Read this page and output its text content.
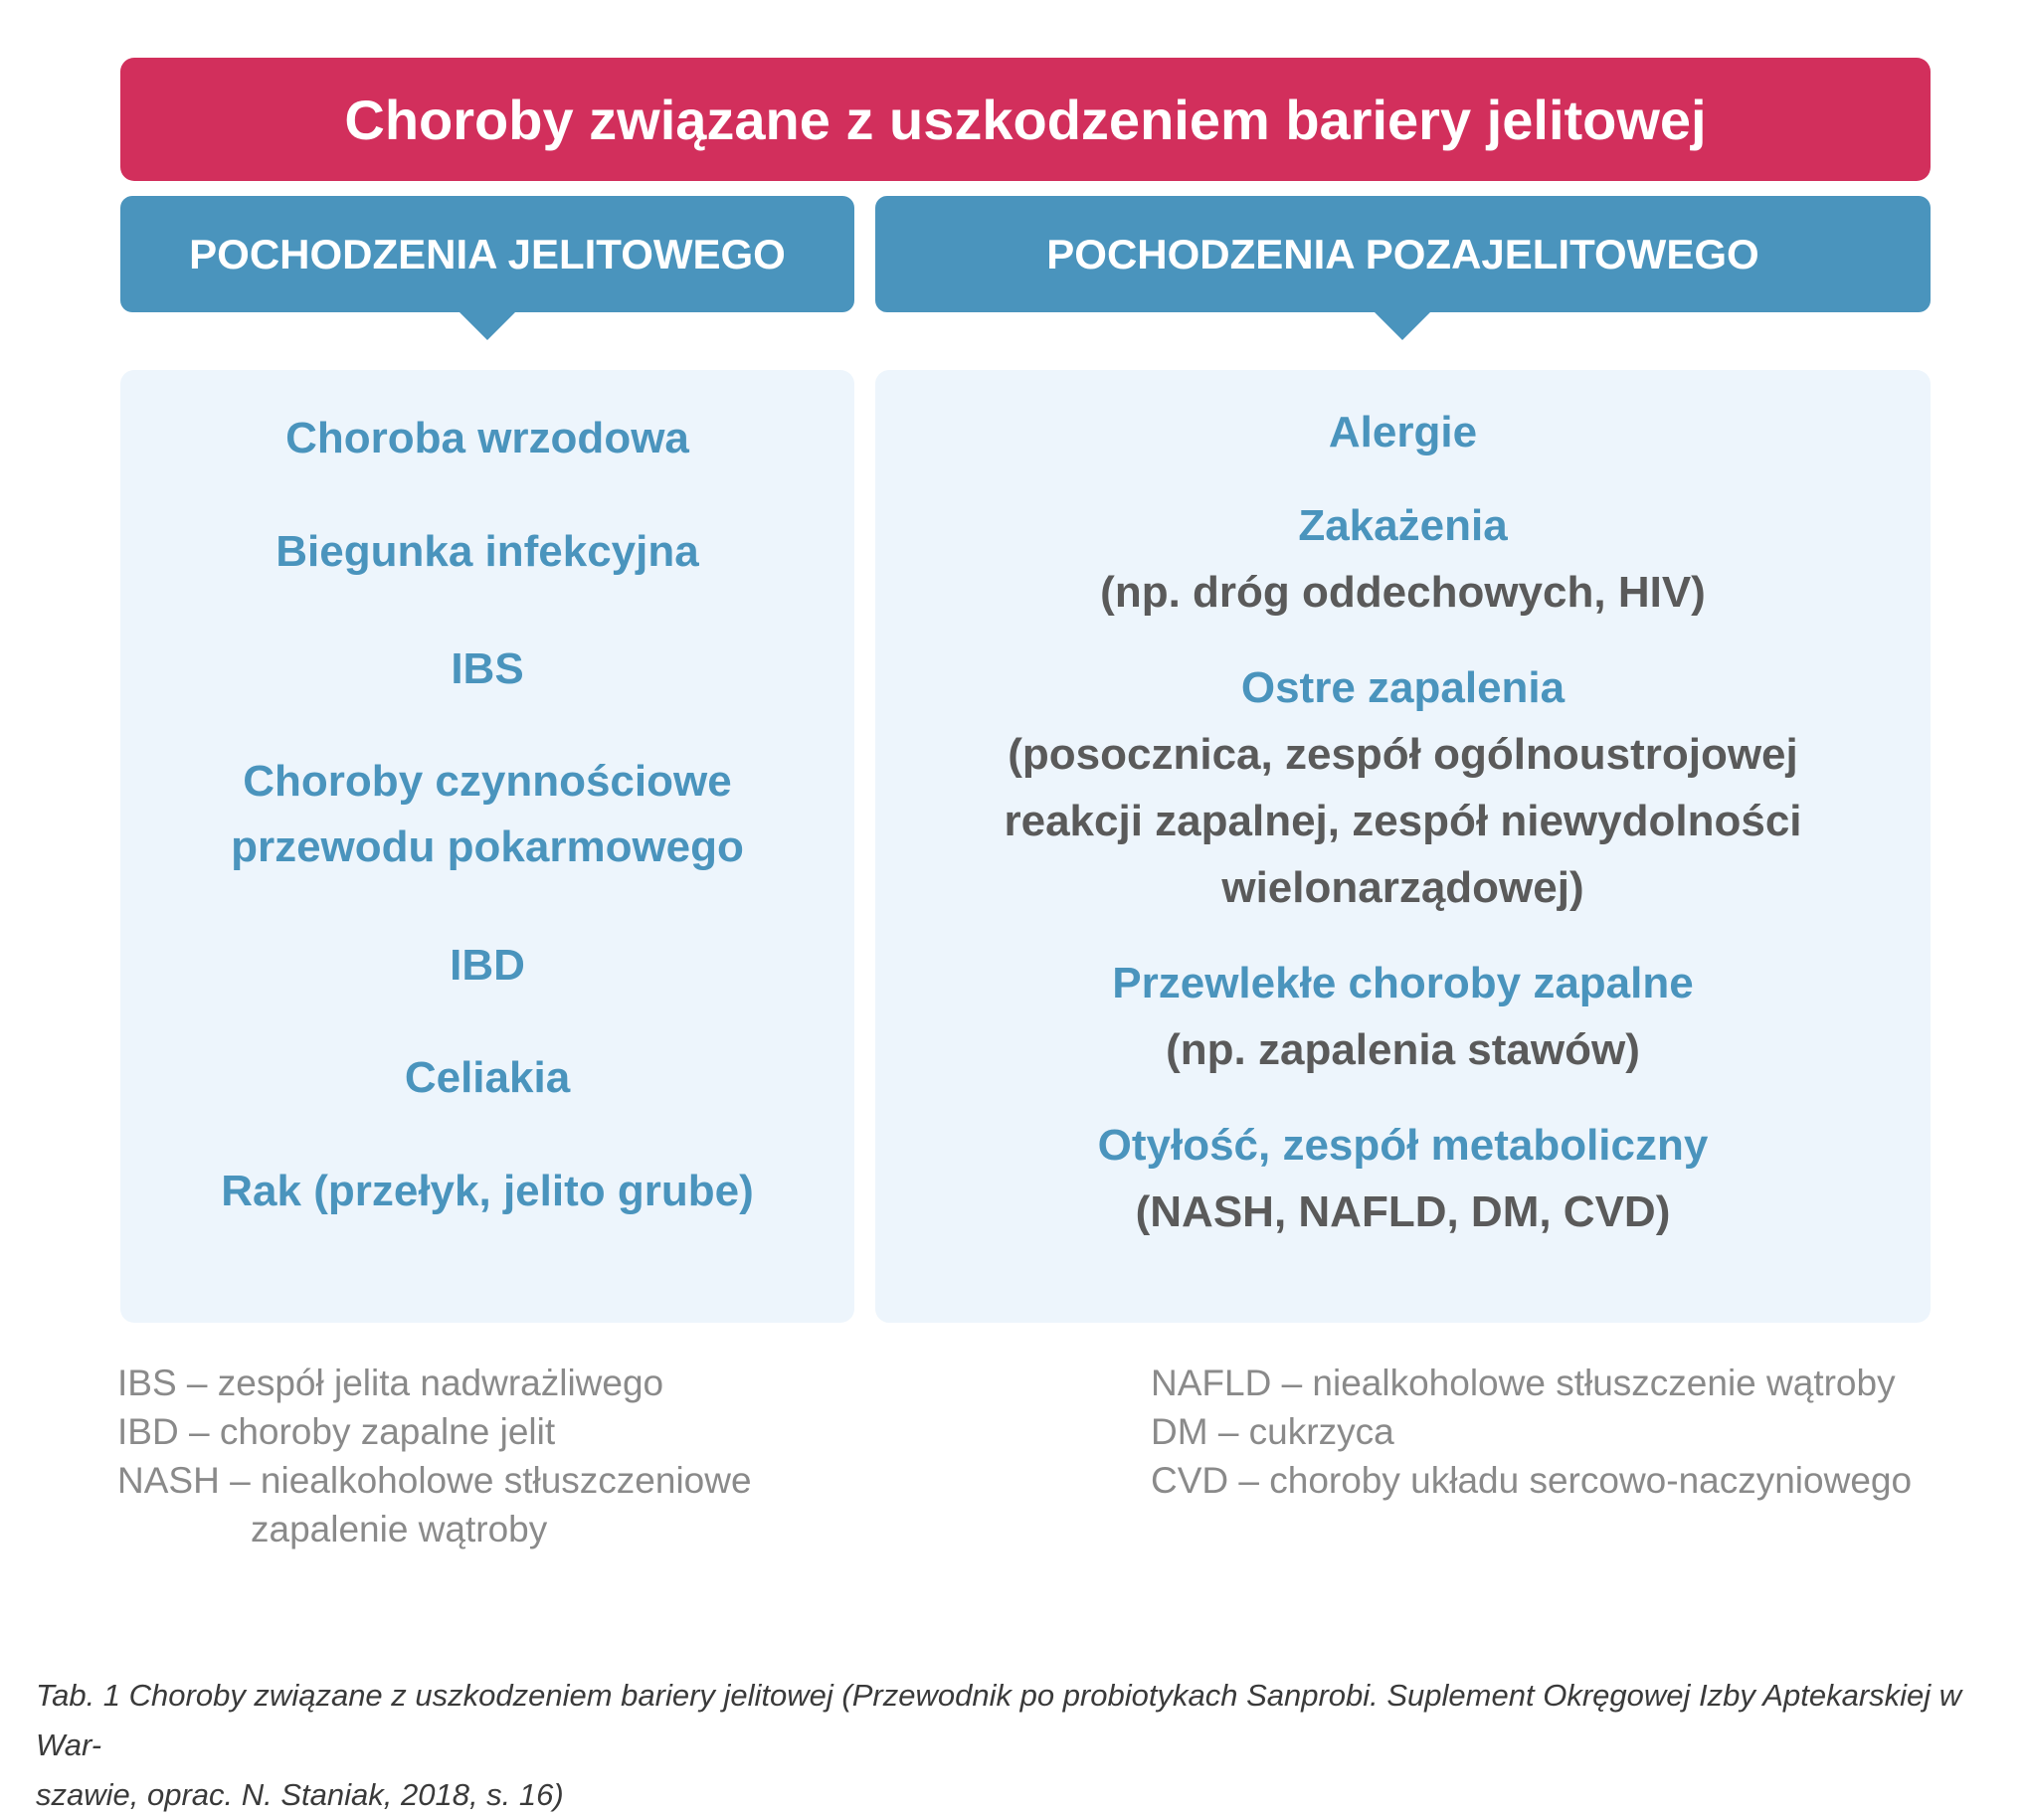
Choroby związane z uszkodzeniem bariery jelitowej
POCHODZENIA JELITOWEGO	POCHODZENIA POZAJELITOWEGO
Choroba wrzodowa
Biegunka infekcyjna
IBS
Choroby czynnościowe
przewodu pokarmowego
IBD
Celiakia
Rak (przełyk, jelito grube)
Alergie
Zakażenia
(np. dróg oddechowych, HIV)
Ostre zapalenia
(posocznica, zespół ogólnoustrojowej
reakcji zapalnej, zespół niewydolności
wielonarządowej)
Przewlekłe choroby zapalne
(np. zapalenia stawów)
Otyłość, zespół metaboliczny
(NASH, NAFLD, DM, CVD)
IBS – zespół jelita nadwrażliwego
IBD – choroby zapalne jelit
NASH – niealkoholowe stłuszczeniowe
zapalenie wątroby
NAFLD – niealkoholowe stłuszczenie wątroby
DM – cukrzyca
CVD – choroby układu sercowo-naczyniowego
Tab. 1 Choroby związane z uszkodzeniem bariery jelitowej (Przewodnik po probiotykach Sanprobi. Suplement Okręgowej Izby Aptekarskiej w War-
szawie, oprac. N. Staniak, 2018, s. 16)
